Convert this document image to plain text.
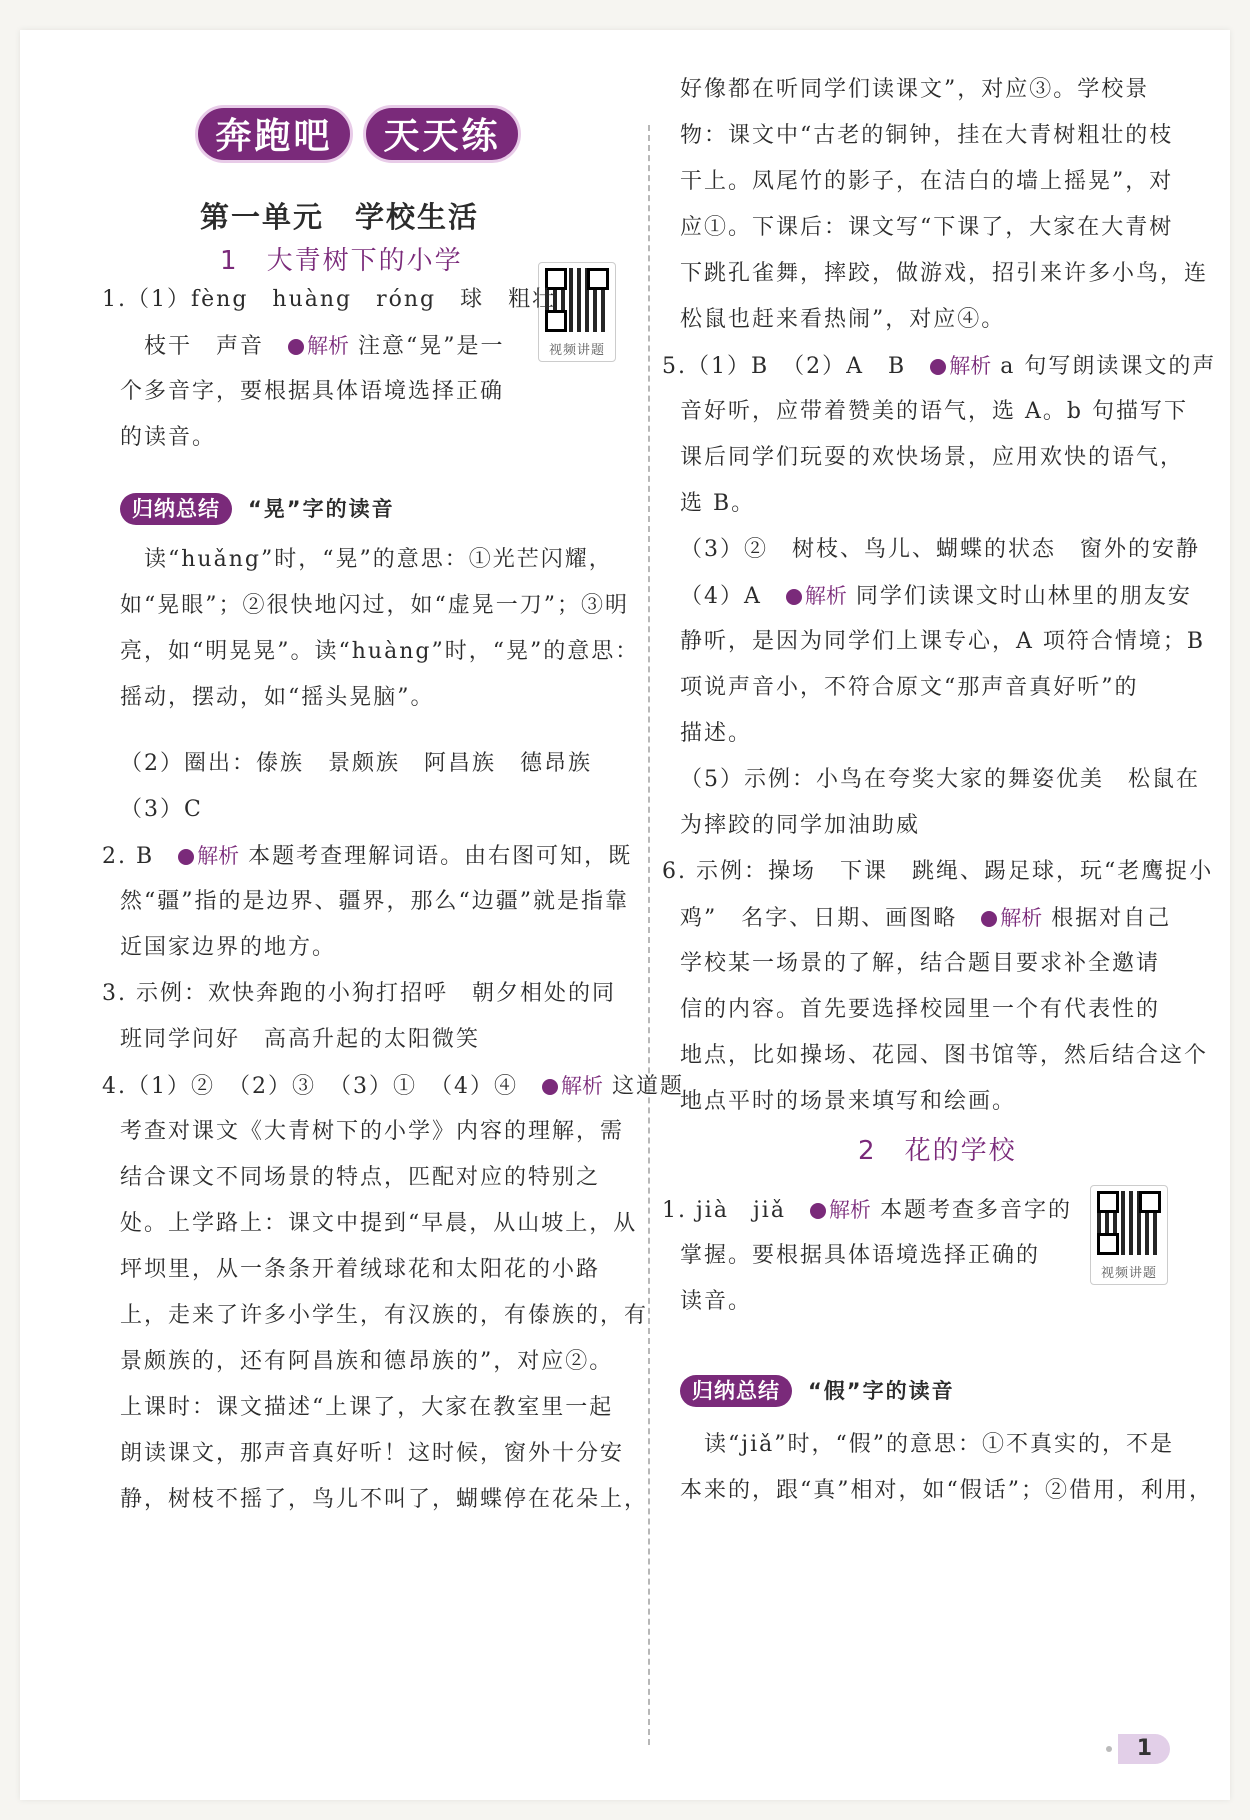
奔跑吧	天天练
第一单元　学校生活
1　 大青树下的小学
视频讲题
1.（1）fèng　huàng　róng　球　粗壮
　枝干　声音　解析 注意“晃”是一
个多音字，要根据具体语境选择正确
的读音。
归纳总结 “晃”字的读音
　读“huǎng”时，“晃”的意思：①光芒闪耀，
如“晃眼”；②很快地闪过，如“虚晃一刀”；③明
亮，如“明晃晃”。读“huàng”时，“晃”的意思：
摇动，摆动，如“摇头晃脑”。
（2）圈出：傣族　景颇族　阿昌族　德昂族
（3）C
2. B　解析 本题考查理解词语。由右图可知，既
然“疆”指的是边界、疆界，那么“边疆”就是指靠
近国家边界的地方。
3. 示例：欢快奔跑的小狗打招呼　朝夕相处的同
班同学问好　高高升起的太阳微笑
4.（1）②　（2）③　（3）①　（4）④　解析 这道题
考查对课文《大青树下的小学》内容的理解，需
结合课文不同场景的特点，匹配对应的特别之
处。上学路上：课文中提到“早晨，从山坡上，从
坪坝里，从一条条开着绒球花和太阳花的小路
上，走来了许多小学生，有汉族的，有傣族的，有
景颇族的，还有阿昌族和德昂族的”，对应②。
上课时：课文描述“上课了，大家在教室里一起
朗读课文，那声音真好听！这时候，窗外十分安
静，树枝不摇了，鸟儿不叫了，蝴蝶停在花朵上，
好像都在听同学们读课文”，对应③。学校景
物：课文中“古老的铜钟，挂在大青树粗壮的枝
干上。凤尾竹的影子，在洁白的墙上摇晃”，对
应①。下课后：课文写“下课了，大家在大青树
下跳孔雀舞，摔跤，做游戏，招引来许多小鸟，连
松鼠也赶来看热闹”，对应④。
5.（1）B　（2）A　B　解析 a 句写朗读课文的声
音好听，应带着赞美的语气，选 A。b 句描写下
课后同学们玩耍的欢快场景，应用欢快的语气，
选 B。
（3）②　树枝、鸟儿、蝴蝶的状态　窗外的安静
（4）A　解析 同学们读课文时山林里的朋友安
静听，是因为同学们上课专心，A 项符合情境；B
项说声音小，不符合原文“那声音真好听”的
描述。
（5）示例：小鸟在夸奖大家的舞姿优美　松鼠在
为摔跤的同学加油助威
6. 示例：操场　下课　跳绳、踢足球，玩“老鹰捉小
鸡”　名字、日期、画图略　解析 根据对自己
学校某一场景的了解，结合题目要求补全邀请
信的内容。首先要选择校园里一个有代表性的
地点，比如操场、花园、图书馆等，然后结合这个
地点平时的场景来填写和绘画。
2　 花的学校
视频讲题
1. jià　jiǎ　解析 本题考查多音字的
掌握。要根据具体语境选择正确的
读音。
归纳总结 “假”字的读音
　读“jiǎ”时，“假”的意思：①不真实的，不是
本来的，跟“真”相对，如“假话”；②借用，利用，
1
